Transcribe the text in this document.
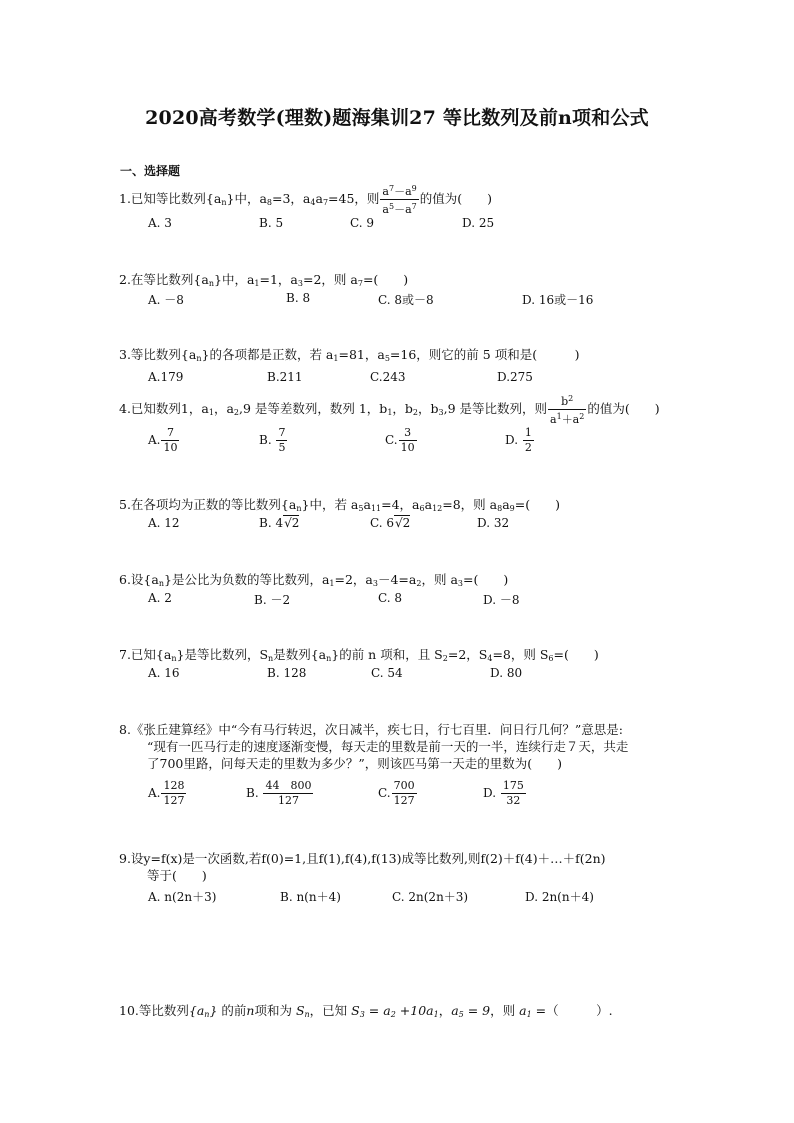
2020高考数学(理数)题海集训27 等比数列及前n项和公式
一、选择题
1.已知等比数列$\{a_n\}$中，$a_8=3$，$a_4a_7=45$，则 $\frac{a^7-a^9}{a^5-a^7}$ 的值为(　　)
A. 3	B. 5	C. 9	D. 25
2.在等比数列$\{a_n\}$中，$a_1=1$，$a_3=2$，则 $a_7=$(　　)
A. －8	B. 8	C. 8或－8	D. 16或－16
3.等比数列$\{a_n\}$的各项都是正数，若 $a_1=81$，$a_5=16$，则它的前 5 项和是(　　　)
A.179	B.211	C.243	D.275
4.已知数列1，$a_1$，$a_2,9$ 是等差数列，数列 1，$b_1$，$b_2$，$b_3,9$ 是等比数列，则 $\frac{b^2}{a^1+a^2}$ 的值为(　　)
A. $\frac{7}{10}$	B. $\frac{7}{5}$	C. $\frac{3}{10}$	D. $\frac{1}{2}$
5.在各项均为正数的等比数列$\{a_n\}$中，若 $a_5a_{11}=4$，$a_6a_{12}=8$，则 $a_8a_9=$(　　)
A. 12	B. 4√2	C. 6√2	D. 32
6.设$\{a_n\}$是公比为负数的等比数列，$a_1=2$，$a_3-4=a_2$，则 $a_3=$(　　)
A. 2	B. －2	C. 8	D. －8
7.已知$\{a_n\}$是等比数列，$S_n$是数列$\{a_n\}$的前 n 项和，且 $S_2=2$，$S_4=8$，则 $S_6=$(　　)
A. 16	B. 128	C. 54	D. 80
8.《张丘建算经》中“今有马行转迟，次日减半，疾七日，行七百里．问日行几何？”意思是:
“现有一匹马行走的速度逐渐变慢，每天走的里数是前一天的一半，连续行走７天，共走
了700里路，问每天走的里数为多少？”，则该匹马第一天走的里数为(　　)
A. $\frac{128}{127}$	B. $\frac{44 800}{127}$	C. $\frac{700}{127}$	D. $\frac{175}{32}$
9.设y=f(x)是一次函数,若f(0)=1,且f(1),f(4),f(13)成等比数列,则f(2)＋f(4)＋…＋f(2n)
等于(　　)
A. n(2n＋3)	B. n(n＋4)	C. 2n(2n＋3)	D. 2n(n＋4)
10.等比数列$\{a_n\}$ 的前n项和为 $S_n$，已知 $S_3 = a_2 +10a_1$，$a_5 = 9$，则 $a_1$ =（　　　）.
